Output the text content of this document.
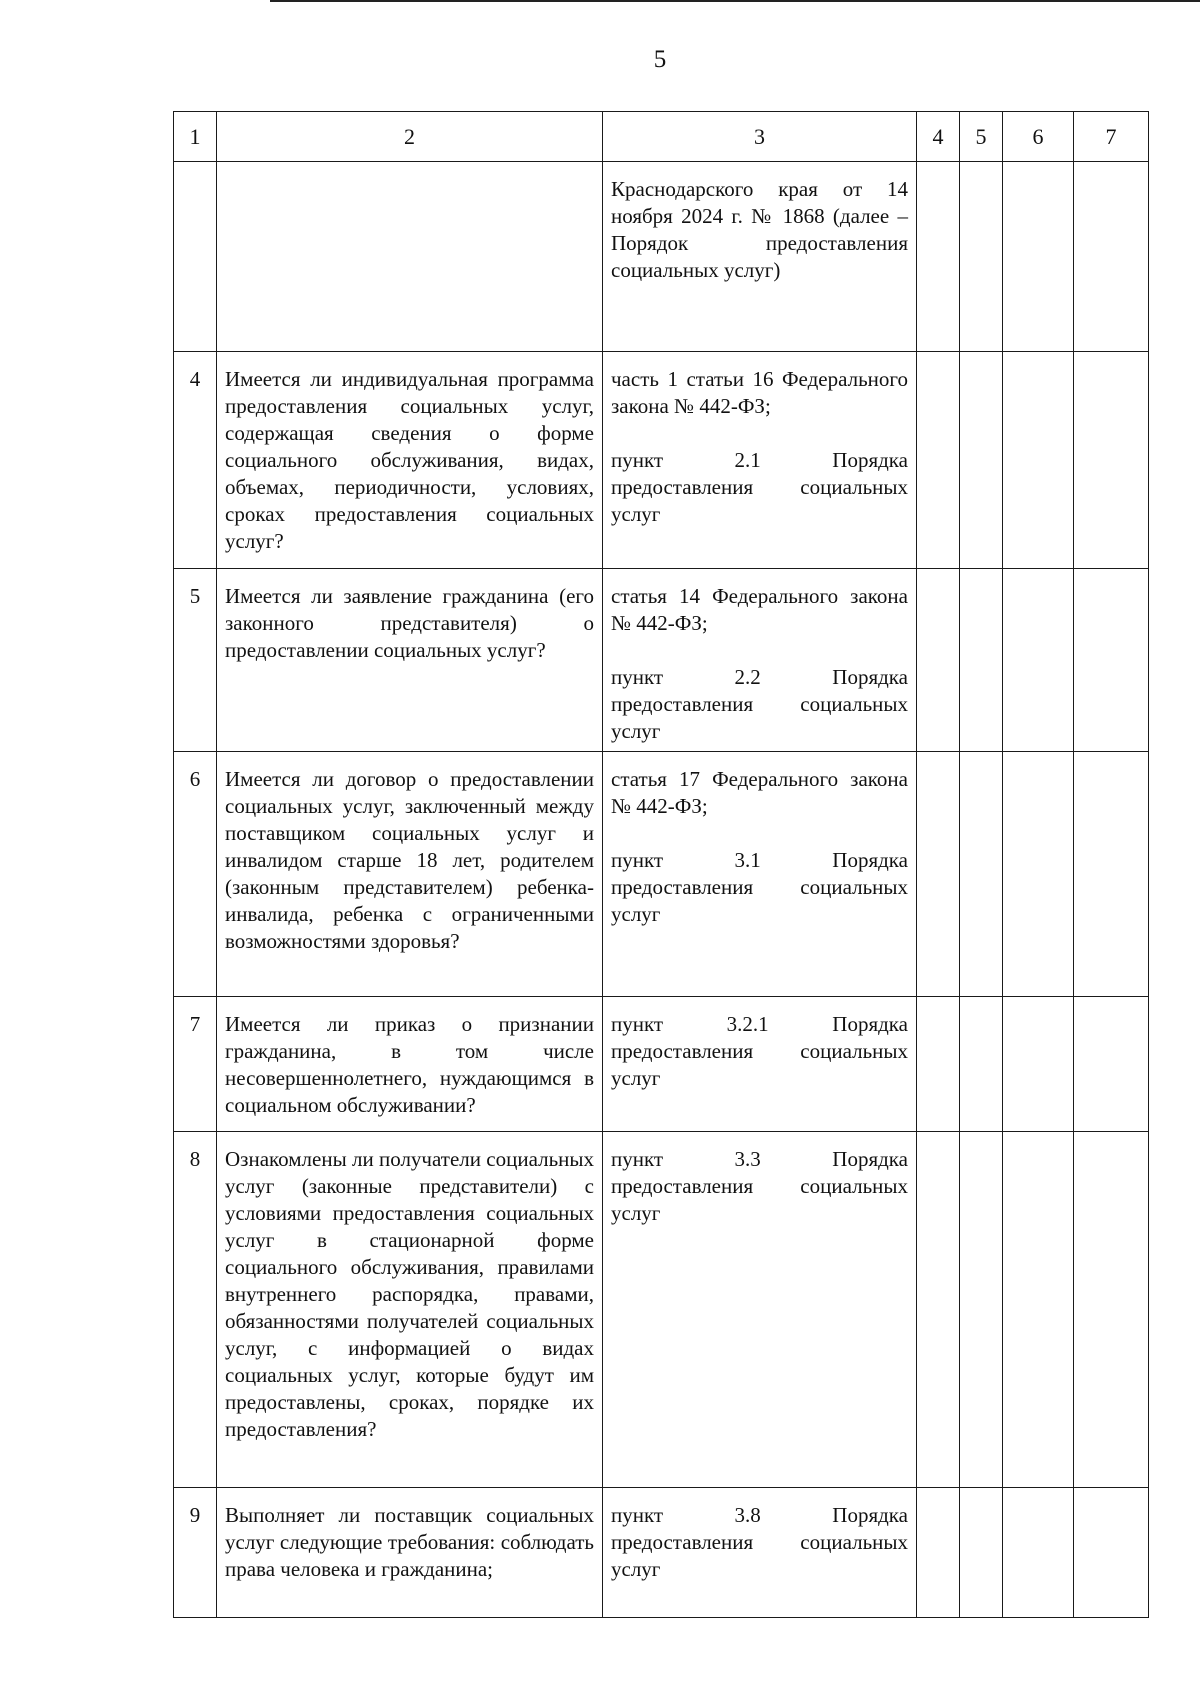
5
1	2	3	4	5	6	7

		Краснодарского края от 14 ноября 2024 г. № 1868 (далее – Порядок предоставления социальных услуг)				

4	Имеется ли индивидуальная программа предоставления социальных услуг, содержащая сведения о форме социального обслуживания, видах, объемах, периодичности, условиях, сроках предоставления социальных услуг?	часть 1 статьи 16 Федерального закона № 442-ФЗ;
пункт 2.1 Порядка предоставления социальных услуг				

5	Имеется ли заявление гражданина (его законного представителя) о предоставлении социальных услуг?	статья 14 Федерального закона № 442-ФЗ;
пункт 2.2 Порядка предоставления социальных услуг				

6	Имеется ли договор о предоставлении социальных услуг, заключенный между поставщиком социальных услуг и инвалидом старше 18 лет, родителем (законным представителем) ребенка-инвалида, ребенка с ограниченными возможностями здоровья?	статья 17 Федерального закона № 442-ФЗ;
пункт 3.1 Порядка предоставления социальных услуг				

7	Имеется ли приказ о признании гражданина, в том числе несовершеннолетнего, нуждающимся в социальном обслуживании?	пункт 3.2.1 Порядка предоставления социальных услуг				

8	Ознакомлены ли получатели социальных услуг (законные представители) с условиями предоставления социальных услуг в стационарной форме социального обслуживания, правилами внутреннего распорядка, правами, обязанностями получателей социальных услуг, с информацией о видах социальных услуг, которые будут им предоставлены, сроках, порядке их предоставления?	пункт 3.3 Порядка предоставления социальных услуг				

9	Выполняет ли поставщик социальных услуг следующие требования: соблюдать права человека и гражданина;	пункт 3.8 Порядка предоставления социальных услуг				
